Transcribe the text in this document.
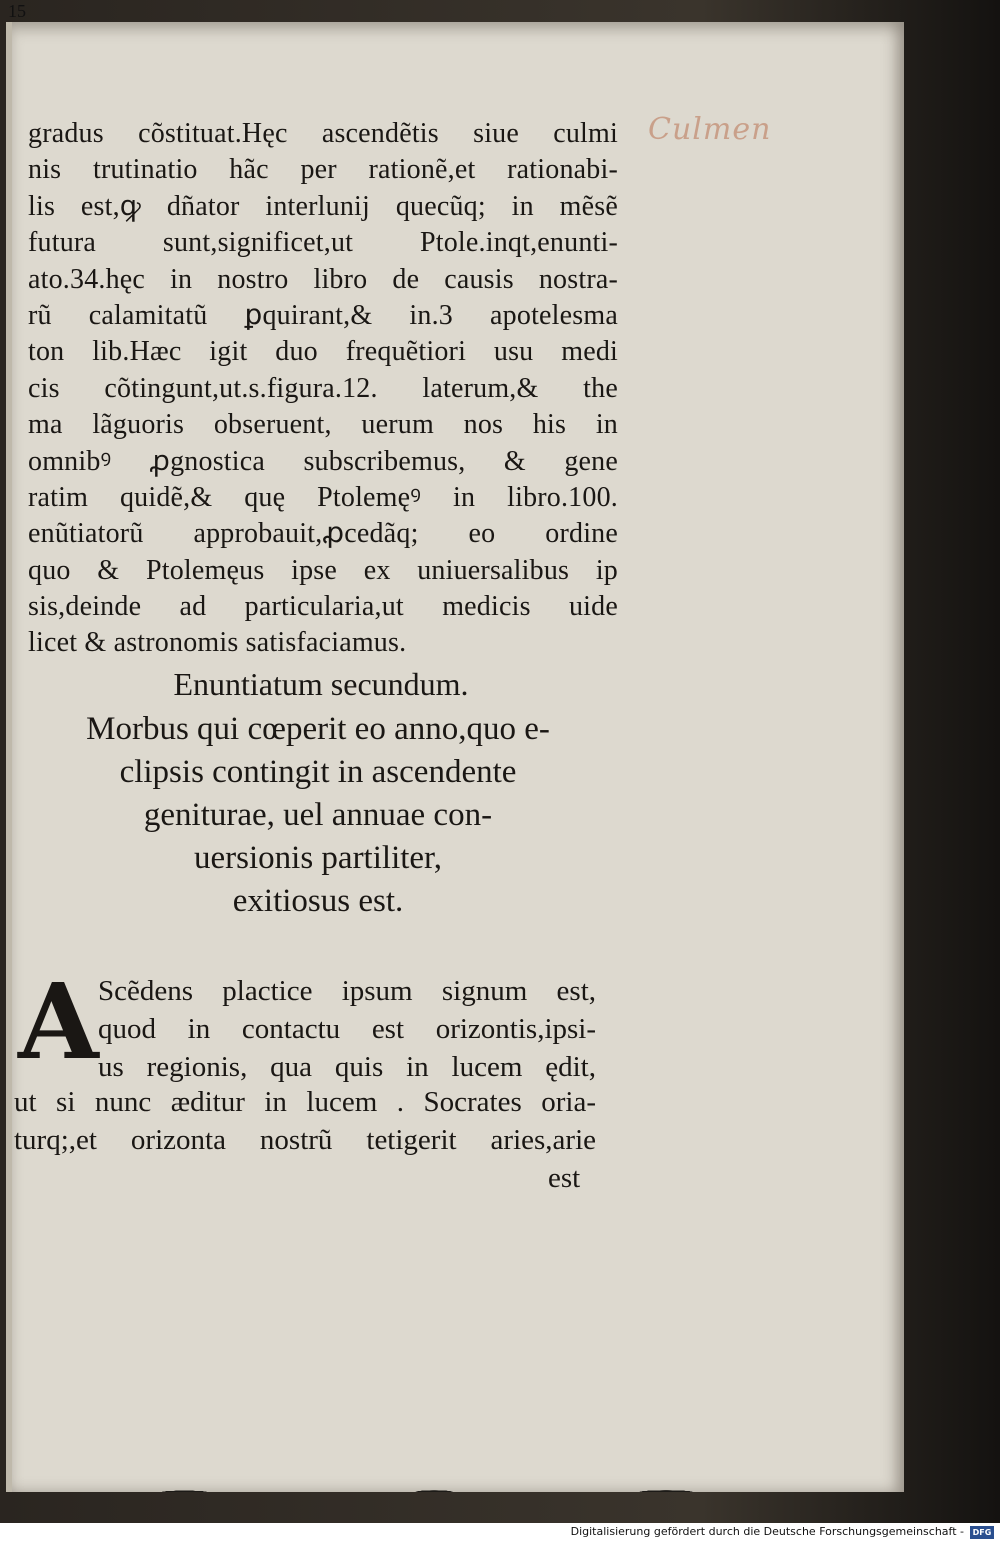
15
Culmen
gradus cõstituat.Hęc ascendẽtis siue culmi
nis trutinatio hãc per rationẽ,et rationabi-
lis est,ꝙ dñator interlunij quecũq; in mẽsẽ
futura sunt,significet,ut Ptole.inqt,enunti-
ato.34.hęc in nostro libro de causis nostra-
rũ calamitatũ ꝑquirant,& in.3 apotelesma
ton lib.Hæc igit duo frequẽtiori usu medi
cis cõtingunt,ut.s.figura.12. laterum,& the
ma lãguoris obseruent, uerum nos his in
omnibꝰ ꝓgnostica subscribemus, & gene
ratim quidẽ,& quę Ptolemęꝰ in libro.100.
enũtiatorũ approbauit,ꝓcedãq; eo ordine
quo & Ptolemęus ipse ex uniuersalibus ip
sis,deinde ad particularia,ut medicis uide
licet & astronomis satisfaciamus.
Enuntiatum secundum.
Morbus qui cœperit eo anno,quo e-
clipsis contingit in ascendente
geniturae, uel annuae con-
uersionis partiliter,
exitiosus est.
A Scẽdens plactice ipsum signum est,
quod in contactu est orizontis,ipsi-
us regionis, qua quis in lucem ędit,
ut si nunc æditur in lucem . Socrates oria-
turq;,et orizonta nostrũ tetigerit aries,arie
est
Digitalisierung gefördert durch die Deutsche Forschungsgemeinschaft -	DFG
